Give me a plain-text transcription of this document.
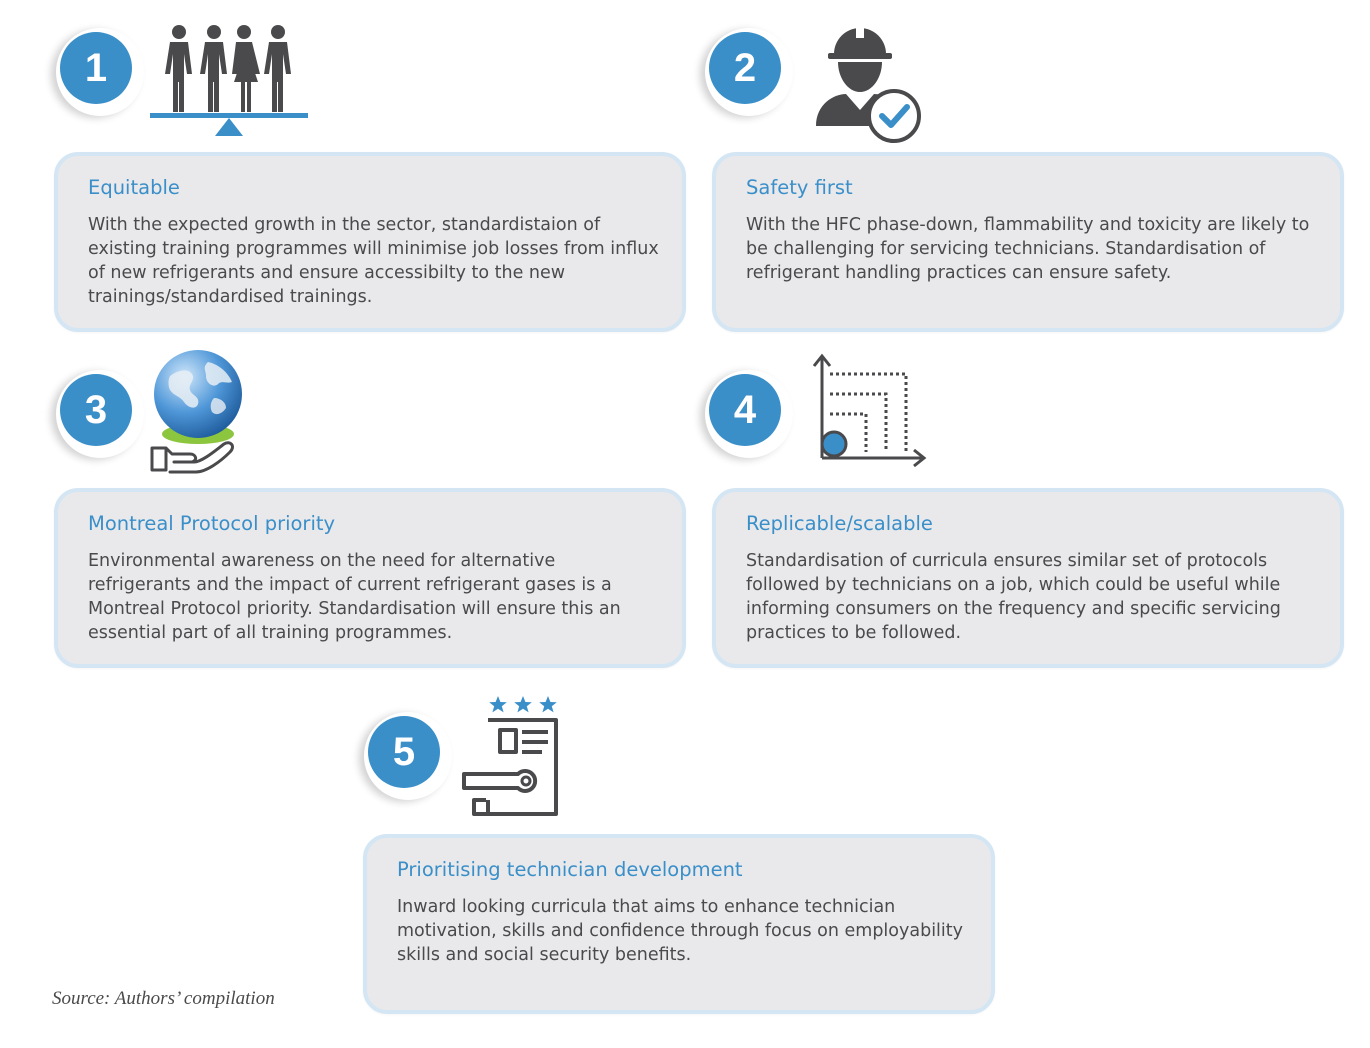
1
Equitable

With the expected growth in the sector, standardistaion of existing training programmes will minimise job losses from influx of new refrigerants and ensure accessibilty to the new trainings/standardised trainings.

2
Safety first

With the HFC phase-down, flammability and toxicity are likely to be challenging for servicing technicians. Standardisation of refrigerant handling practices can ensure safety.

3
Montreal Protocol priority

Environmental awareness on the need for alternative refrigerants and the impact of current refrigerant gases is a Montreal Protocol priority. Standardisation will ensure this an essential part of all training programmes.

4
Replicable/scalable

Standardisation of curricula ensures similar set of protocols followed by technicians on a job, which could be useful while informing consumers on the frequency and specific servicing practices to be followed.

5
Prioritising technician development

Inward looking curricula that aims to enhance technician motivation, skills and confidence through focus on employability skills and social security benefits.

Source: Authors’ compilation
